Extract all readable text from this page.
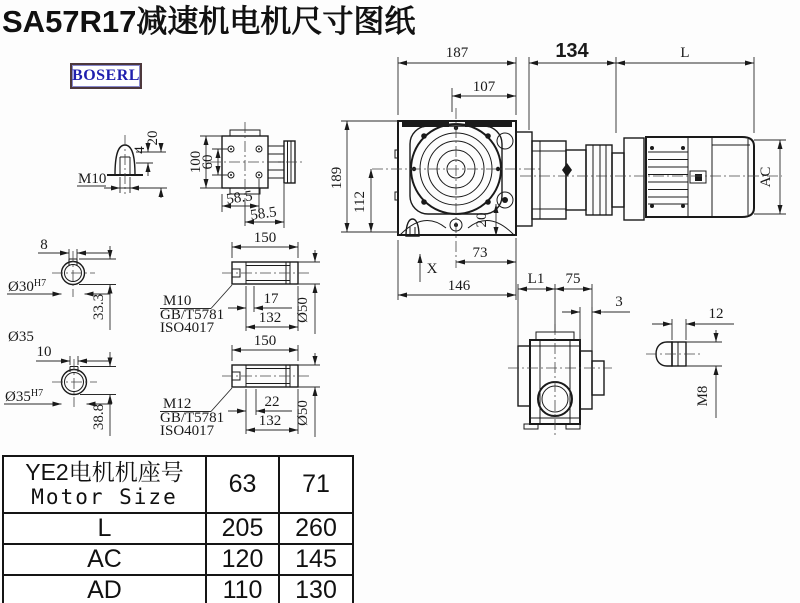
SA57R17减速机电机尺寸图纸
BOSERL
187
107
134	L
189
112
20
73
146
X
AC
M10
4
20
100
60
58.5
58.5
8
$Ø30^{H7}$
33.3
Ø35
10
$Ø35^{H7}$
38.8
150
17
132 Ø50
M10
GB/T5781
ISO4017
150
22
132 Ø50
M12
GB/T5781
ISO4017
L1 75
3
12
M8
YE2电机机座号
Motor Size	63	71
L	205	260
AC	120	145
AD	110	130
